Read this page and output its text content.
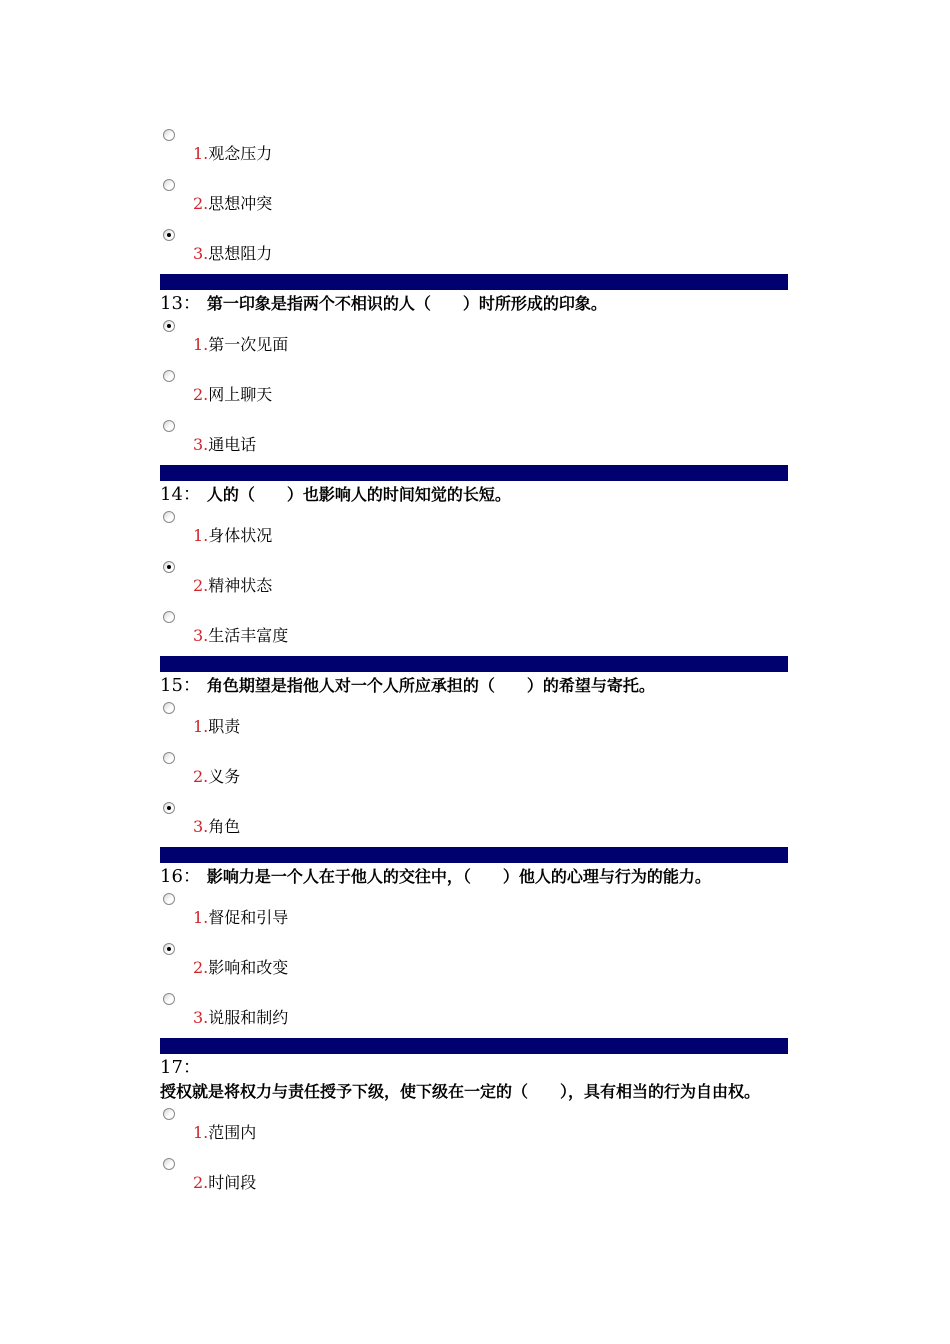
1.观念压力
2.思想冲突
3.思想阻力
13： 第一印象是指两个不相识的人（　　）时所形成的印象。
1.第一次见面
2.网上聊天
3.通电话
14： 人的（　　）也影响人的时间知觉的长短。
1.身体状况
2.精神状态
3.生活丰富度
15： 角色期望是指他人对一个人所应承担的（　　）的希望与寄托。
1.职责
2.义务
3.角色
16： 影响力是一个人在于他人的交往中，（　　）他人的心理与行为的能力。
1.督促和引导
2.影响和改变
3.说服和制约
17：
授权就是将权力与责任授予下级，使下级在一定的（　　），具有相当的行为自由权。
1.范围内
2.时间段
